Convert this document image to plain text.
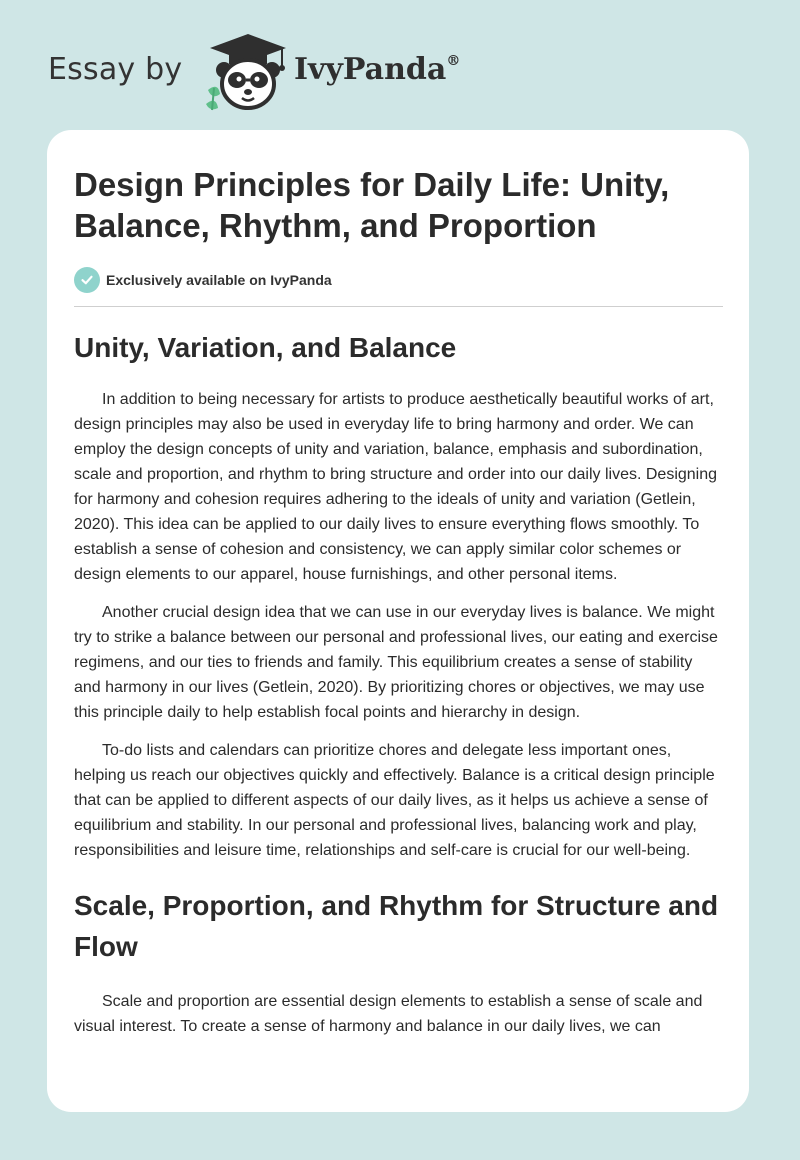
Essay by	IvyPanda®
Design Principles for Daily Life: Unity, Balance, Rhythm, and Proportion
Exclusively available on IvyPanda
Unity, Variation, and Balance

In addition to being necessary for artists to produce aesthetically beautiful works of art, design principles may also be used in everyday life to bring harmony and order. We can employ the design concepts of unity and variation, balance, emphasis and subordination, scale and proportion, and rhythm to bring structure and order into our daily lives. Designing for harmony and cohesion requires adhering to the ideals of unity and variation (Getlein, 2020). This idea can be applied to our daily lives to ensure everything flows smoothly. To establish a sense of cohesion and consistency, we can apply similar color schemes or design elements to our apparel, house furnishings, and other personal items.

Another crucial design idea that we can use in our everyday lives is balance. We might try to strike a balance between our personal and professional lives, our eating and exercise regimens, and our ties to friends and family. This equilibrium creates a sense of stability and harmony in our lives (Getlein, 2020). By prioritizing chores or objectives, we may use this principle daily to help establish focal points and hierarchy in design.

To-do lists and calendars can prioritize chores and delegate less important ones, helping us reach our objectives quickly and effectively. Balance is a critical design principle that can be applied to different aspects of our daily lives, as it helps us achieve a sense of equilibrium and stability. In our personal and professional lives, balancing work and play, responsibilities and leisure time, relationships and self-care is crucial for our well-being.

Scale, Proportion, and Rhythm for Structure and Flow

Scale and proportion are essential design elements to establish a sense of scale and visual interest. To create a sense of harmony and balance in our daily lives, we can
